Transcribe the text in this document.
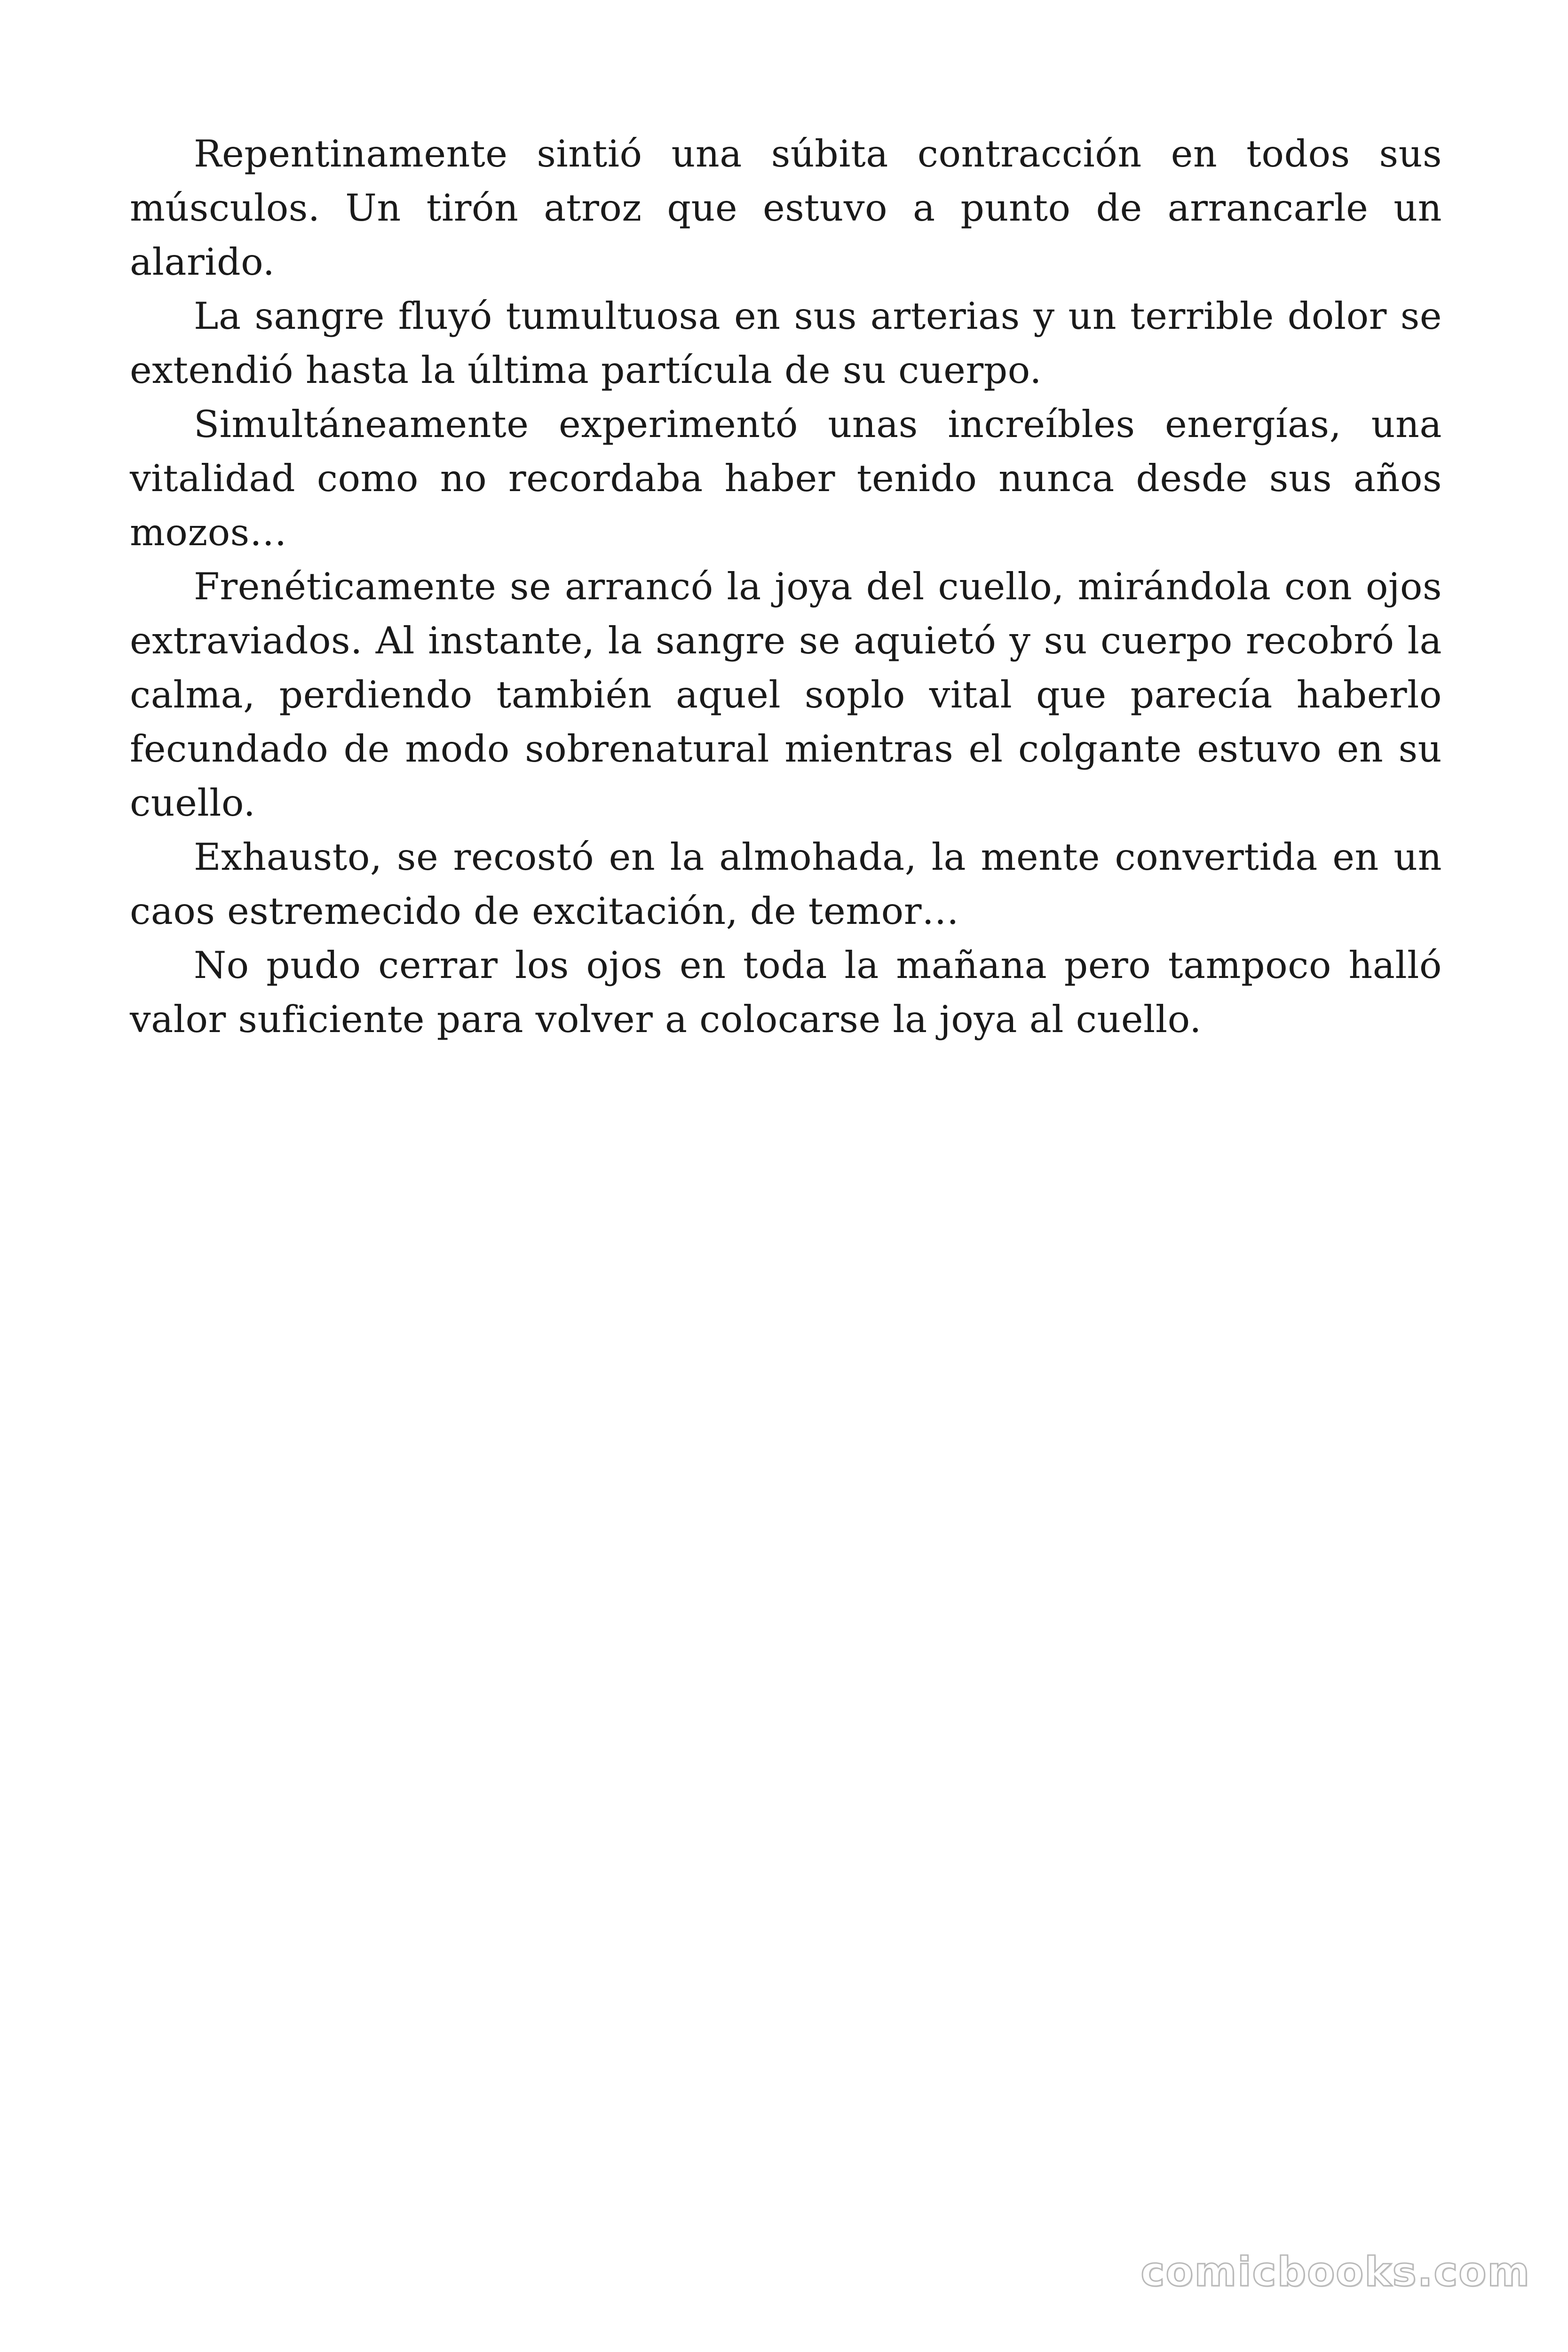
Repentinamente sintió una súbita contracción en todos sus músculos. Un tirón atroz que estuvo a punto de arrancarle un alarido.

La sangre fluyó tumultuosa en sus arterias y un terrible dolor se extendió hasta la última partícula de su cuerpo.

Simultáneamente experimentó unas increíbles energías, una vitalidad como no recordaba haber tenido nunca desde sus años mozos…

Frenéticamente se arrancó la joya del cuello, mirándola con ojos extraviados. Al instante, la sangre se aquietó y su cuerpo recobró la calma, perdiendo también aquel soplo vital que parecía haberlo fecundado de modo sobrenatural mientras el colgante estuvo en su cuello.

Exhausto, se recostó en la almohada, la mente convertida en un caos estremecido de excitación, de temor…

No pudo cerrar los ojos en toda la mañana pero tampoco halló valor suficiente para volver a colocarse la joya al cuello.

comicbooks.com
